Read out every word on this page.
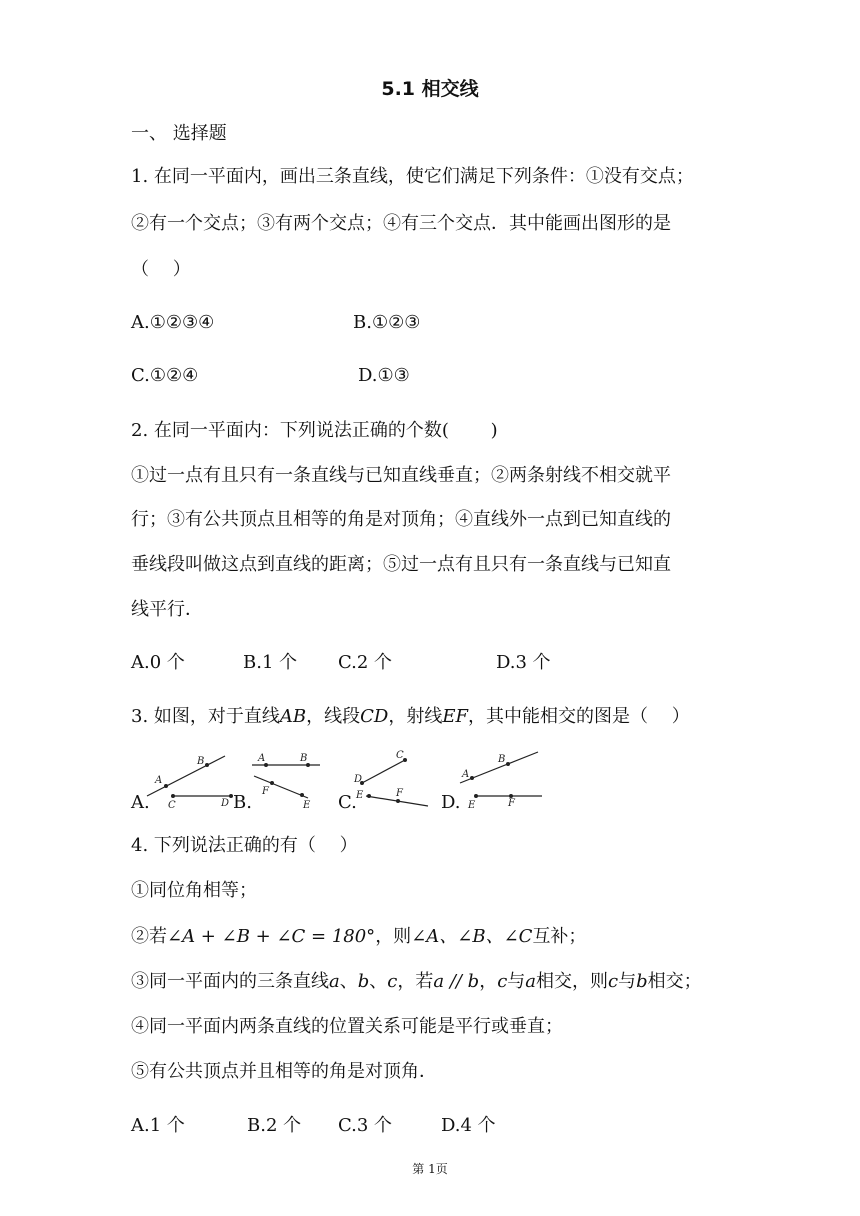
5.1 相交线
一、 选择题
1. 在同一平面内，画出三条直线，使它们满足下列条件：①没有交点；
②有一个交点；③有两个交点；④有三个交点．其中能画出图形的是
（　 ）
A.①②③④	B.①②③
C.①②④	D.①③
2. 在同一平面内：下列说法正确的个数(　　 )
①过一点有且只有一条直线与已知直线垂直；②两条射线不相交就平
行；③有公共顶点且相等的角是对顶角；④直线外一点到已知直线的
垂线段叫做这点到直线的距离；⑤过一点有且只有一条直线与已知直
线平行．
A.0 个	B.1 个 C.2 个	D.3 个
3. 如图，对于直线AB，线段CD，射线EF，其中能相交的图是（　 ）
A.	B.	C.	D.
A
B
C	D
A	B
F
E
D
C
E	F
A
B
E	F
4. 下列说法正确的有（　 ）
①同位角相等；
②若∠A + ∠B + ∠C = 180°，则∠A、∠B、∠C互补；
③同一平面内的三条直线a、b、c，若a // b，c与a相交，则c与b相交；
④同一平面内两条直线的位置关系可能是平行或垂直；
⑤有公共顶点并且相等的角是对顶角．
A.1 个	B.2 个 C.3 个	D.4 个
第 1页
